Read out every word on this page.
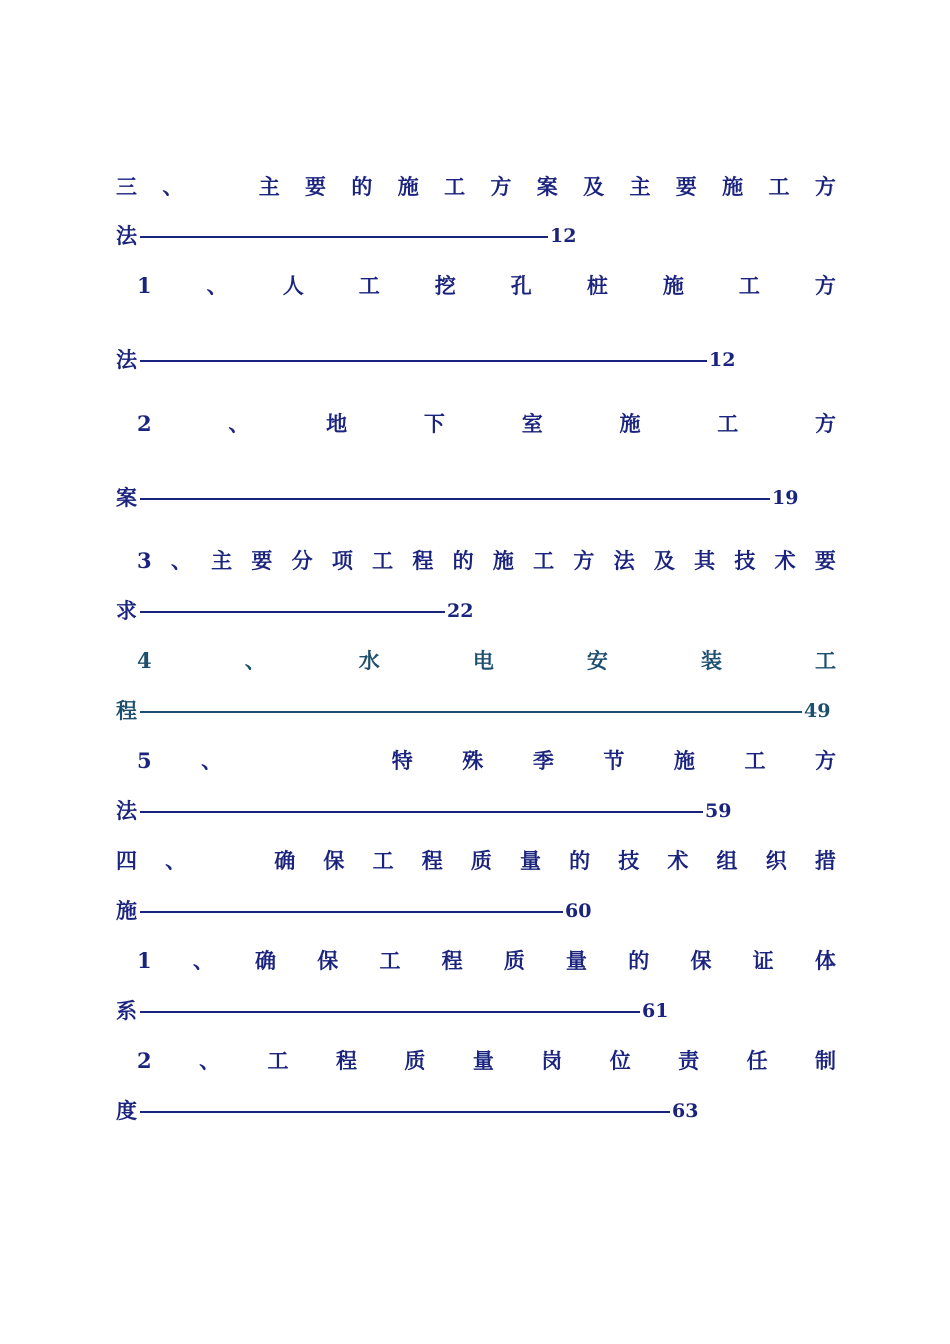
三 、	主 要 的 施 工 方 案 及 主 要 施 工 方
法	12
1	、	人	工	挖	孔	桩	施	工	方
法	12
2	、	地	下	室	施	工	方
案	19
3 、 主 要 分 项 工 程 的 施 工 方 法 及 其 技 术 要
求	22
4	、	水	电	安	装	工
程	49
5 、	特 殊 季 节 施 工 方
法	59
四 、	确 保 工 程 质 量 的 技 术 组 织 措
施	60
1 、 确 保 工 程 质 量 的 保 证 体
系	61
2 、 工 程 质 量 岗 位 责 任 制
度	63
